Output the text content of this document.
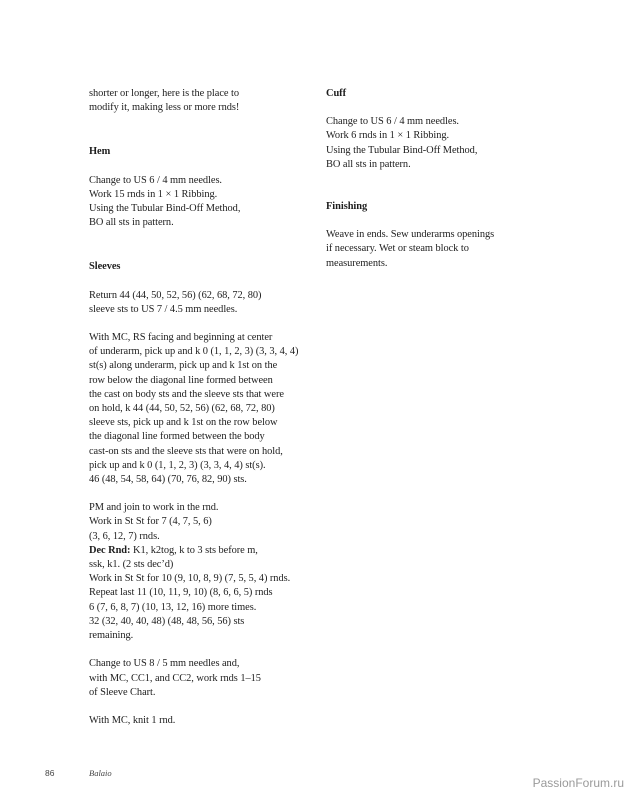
shorter or longer, here is the place to
modify it, making less or more rnds!
Hem
Change to US 6 / 4 mm needles.
Work 15 rnds in 1 × 1 Ribbing.
Using the Tubular Bind-Off Method,
BO all sts in pattern.
Sleeves
Return 44 (44, 50, 52, 56) (62, 68, 72, 80)
sleeve sts to US 7 / 4.5 mm needles.
With MC, RS facing and beginning at center
of underarm, pick up and k 0 (1, 1, 2, 3) (3, 3, 4, 4)
st(s) along underarm, pick up and k 1st on the
row below the diagonal line formed between
the cast on body sts and the sleeve sts that were
on hold, k 44 (44, 50, 52, 56) (62, 68, 72, 80)
sleeve sts, pick up and k 1st on the row below
the diagonal line formed between the body
cast-on sts and the sleeve sts that were on hold,
pick up and k 0 (1, 1, 2, 3) (3, 3, 4, 4) st(s).
46 (48, 54, 58, 64) (70, 76, 82, 90) sts.
PM and join to work in the rnd.
Work in St St for 7 (4, 7, 5, 6)
(3, 6, 12, 7) rnds.
Dec Rnd: K1, k2tog, k to 3 sts before m,
ssk, k1. (2 sts dec’d)
Work in St St for 10 (9, 10, 8, 9) (7, 5, 5, 4) rnds.
Repeat last 11 (10, 11, 9, 10) (8, 6, 6, 5) rnds
6 (7, 6, 8, 7) (10, 13, 12, 16) more times.
32 (32, 40, 40, 48) (48, 48, 56, 56) sts
remaining.
Change to US 8 / 5 mm needles and,
with MC, CC1, and CC2, work rnds 1–15
of Sleeve Chart.
With MC, knit 1 rnd.
Cuff
Change to US 6 / 4 mm needles.
Work 6 rnds in 1 × 1 Ribbing.
Using the Tubular Bind-Off Method,
BO all sts in pattern.
Finishing
Weave in ends. Sew underarms openings
if necessary. Wet or steam block to
measurements.
86	Balaio
PassionForum.ru
